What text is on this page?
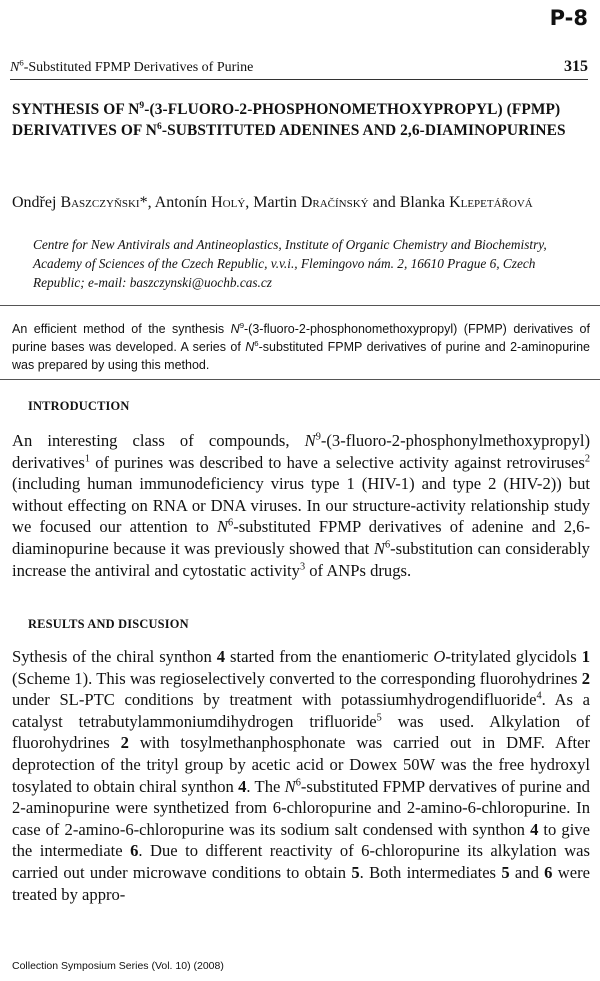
P-8
$N^6$-Substituted FPMP Derivatives of Purine	315
SYNTHESIS OF $N^9-(3-FLUORO-2-PHOSPHONOMETHOXYPROPYL)$ (FPMP) DERIVATIVES OF $N^6$-SUBSTITUTED ADENINES AND 2,6-DIAMINOPURINES
Ondřej Baszczyňski*, Antonín Holý, Martin Dračínský and Blanka Klepetářová
Centre for New Antivirals and Antineoplastics, Institute of Organic Chemistry and Biochemistry, Academy of Sciences of the Czech Republic, v.v.i., Flemingovo nám. 2, 16610 Prague 6, Czech Republic; e-mail: baszczynski@uochb.cas.cz
An efficient method of the synthesis $N^9-(3-fluoro-2-phosphonomethoxypropyl)$ (FPMP) derivatives of purine bases was developed. A series of $N^6$-substituted FPMP derivatives of purine and 2-aminopurine was prepared by using this method.
INTRODUCTION
An interesting class of compounds, $N^9-(3-fluoro-2-phosphonylmethoxypropyl)$ derivatives$^1$ of purines was described to have a selective activity against retroviruses$^2$ (including human immunodeficiency virus type 1 (HIV-1) and type 2 (HIV-2)) but without effecting on RNA or DNA viruses. In our structure-activity relationship study we focused our attention to $N^6$-substituted FPMP derivatives of adenine and 2,6-diaminopurine because it was previously showed that $N^6$-substitution can considerably increase the antiviral and cytostatic activity$^3$ of ANPs drugs.
RESULTS AND DISCUSION
Sythesis of the chiral synthon 4 started from the enantiomeric O-tritylated glycidols 1 (Scheme 1). This was regioselectively converted to the corresponding fluorohydrines 2 under SL-PTC conditions by treatment with potassiumhydrogendifluoride$^4$. As a catalyst tetrabutylammoniumdihydrogen trifluoride$^5$ was used. Alkylation of fluorohydrines 2 with tosylmethanphosphonate was carried out in DMF. After deprotection of the trityl group by acetic acid or Dowex 50W was the free hydroxyl tosylated to obtain chiral synthon 4. The $N^6$-substituted FPMP dervatives of purine and 2-aminopurine were synthetized from 6-chloropurine and 2-amino-6-chloropurine. In case of 2-amino-6-chloropurine was its sodium salt condensed with synthon 4 to give the intermediate 6. Due to different reactivity of 6-chloropurine its alkylation was carried out under microwave conditions to obtain 5. Both intermediates 5 and 6 were treated by appro-
Collection Symposium Series (Vol. 10) (2008)
